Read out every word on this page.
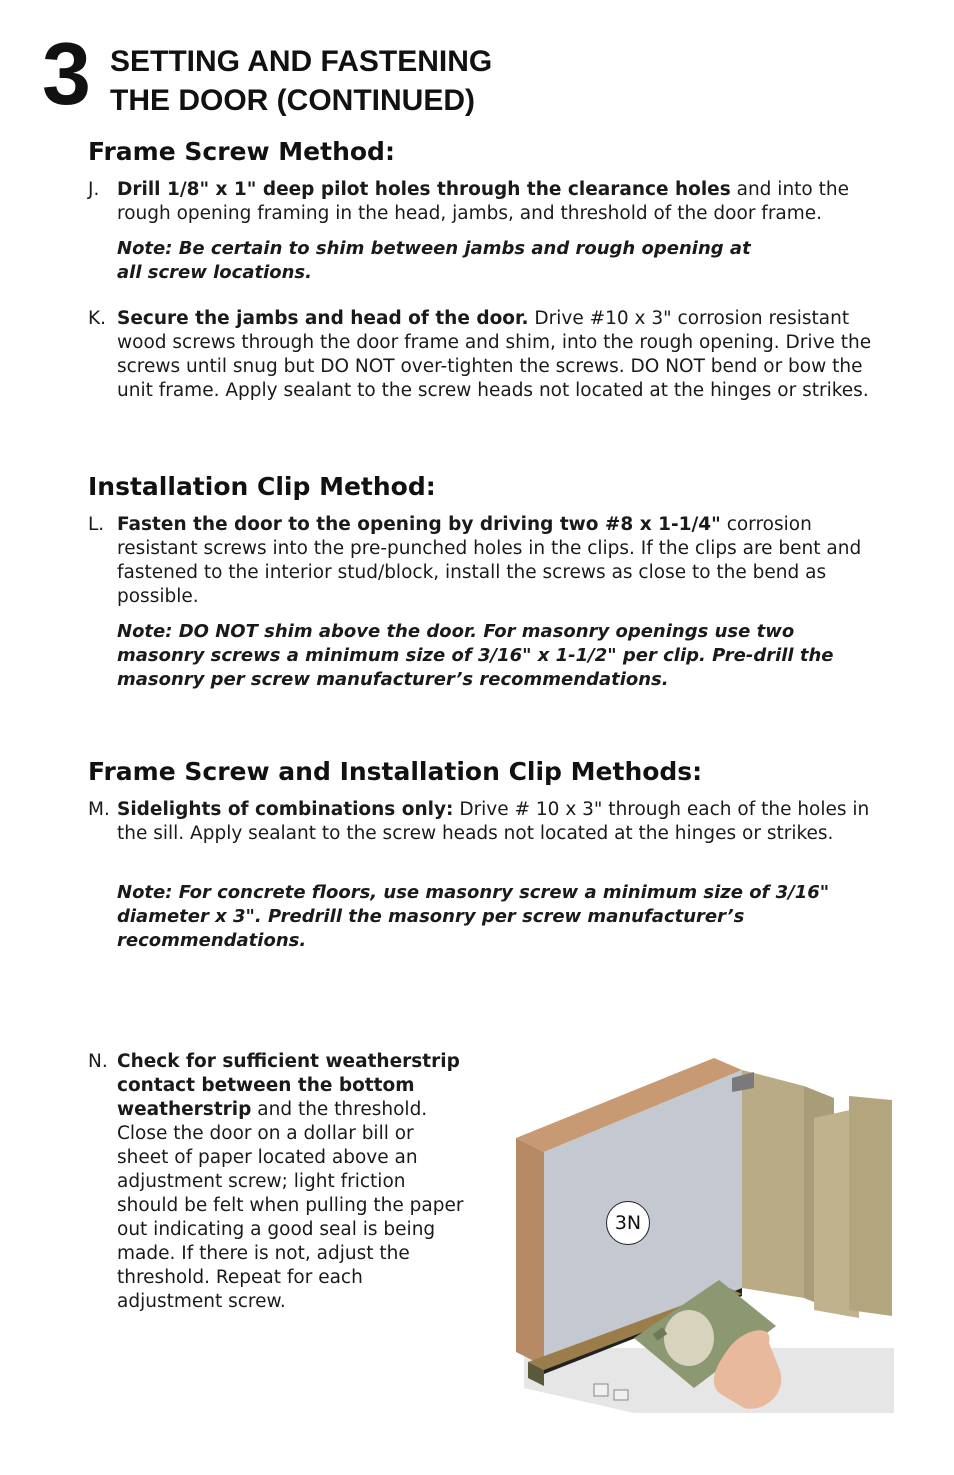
3 SETTING AND FASTENING
THE DOOR (CONTINUED)
Frame Screw Method:
J. Drill 1/8" x 1" deep pilot holes through the clearance holes and into the rough opening framing in the head, jambs, and threshold of the door frame.
Note: Be certain to shim between jambs and rough opening at all screw locations.
K. Secure the jambs and head of the door. Drive #10 x 3" corrosion resistant wood screws through the door frame and shim, into the rough opening. Drive the screws until snug but DO NOT over-tighten the screws. DO NOT bend or bow the unit frame. Apply sealant to the screw heads not located at the hinges or strikes.
Installation Clip Method:
L. Fasten the door to the opening by driving two #8 x 1-1/4" corrosion resistant screws into the pre-punched holes in the clips. If the clips are bent and fastened to the interior stud/block, install the screws as close to the bend as possible.
Note: DO NOT shim above the door. For masonry openings use two masonry screws a minimum size of 3/16" x 1-1/2" per clip. Pre-drill the masonry per screw manufacturer’s recommendations.
Frame Screw and Installation Clip Methods:
M. Sidelights of combinations only: Drive # 10 x 3" through each of the holes in the sill. Apply sealant to the screw heads not located at the hinges or strikes.
Note: For concrete floors, use masonry screw a minimum size of 3/16" diameter x 3". Predrill the masonry per screw manufacturer’s recommendations.
N. Check for sufficient weatherstrip contact between the bottom weatherstrip and the threshold. Close the door on a dollar bill or sheet of paper located above an adjustment screw; light friction should be felt when pulling the paper out indicating a good seal is being made. If there is not, adjust the threshold. Repeat for each adjustment screw.
3N
